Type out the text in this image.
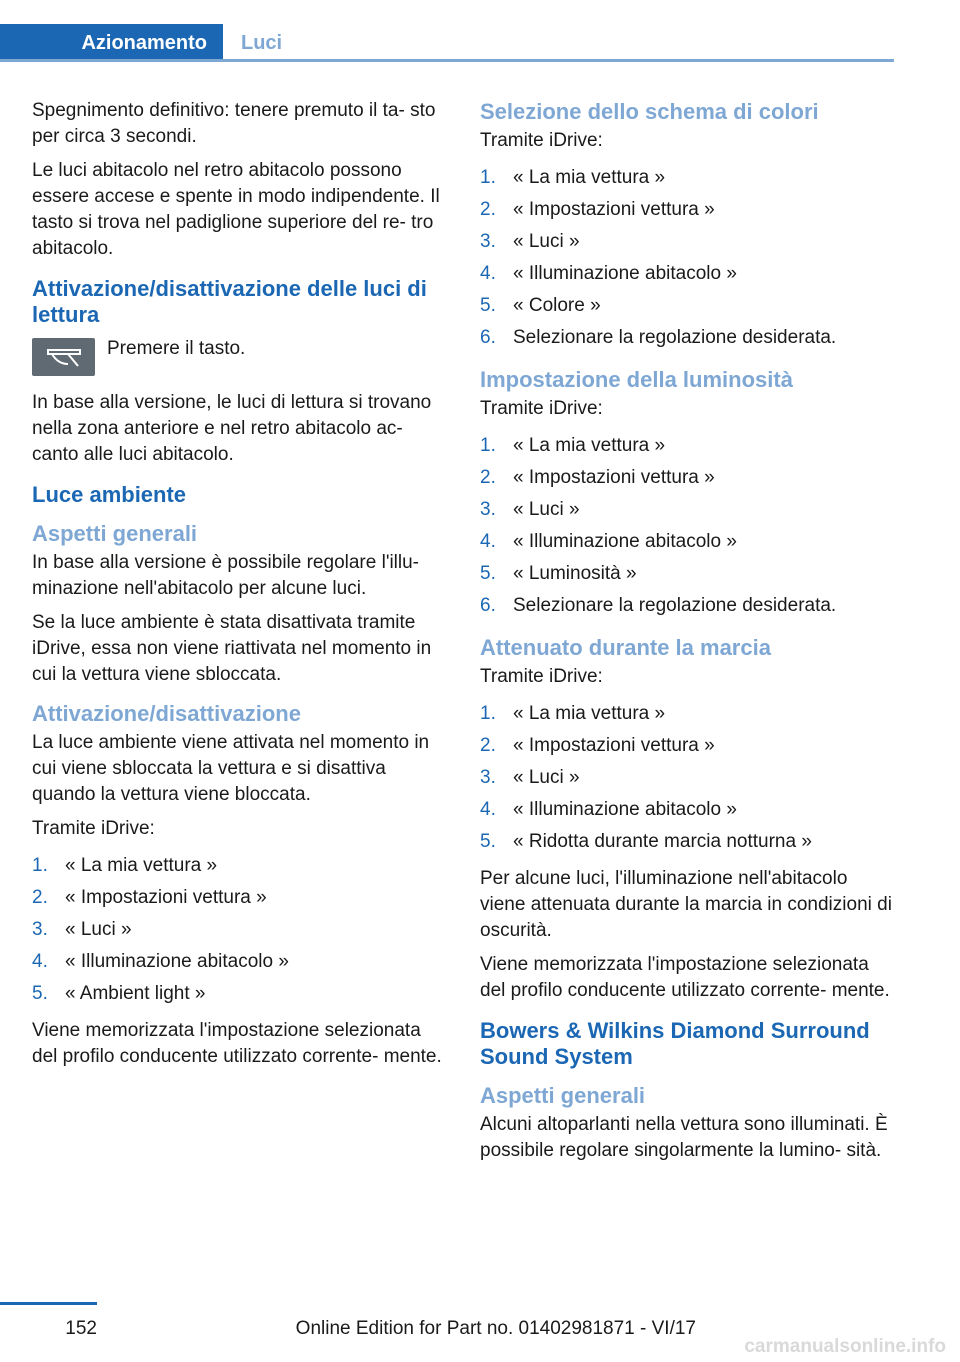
Azionamento Luci

Spegnimento definitivo: tenere premuto il ta‐ sto per circa 3 secondi.

Le luci abitacolo nel retro abitacolo possono essere accese e spente in modo indipendente. Il tasto si trova nel padiglione superiore del re‐ tro abitacolo.

Attivazione/disattivazione delle luci di lettura

Premere il tasto.

In base alla versione, le luci di lettura si trovano nella zona anteriore e nel retro abitacolo ac‐ canto alle luci abitacolo.

Luce ambiente
Aspetti generali

In base alla versione è possibile regolare l'illu‐ minazione nell'abitacolo per alcune luci.

Se la luce ambiente è stata disattivata tramite iDrive, essa non viene riattivata nel momento in cui la vettura viene sbloccata.

Attivazione/disattivazione

La luce ambiente viene attivata nel momento in cui viene sbloccata la vettura e si disattiva quando la vettura viene bloccata.

Tramite iDrive:

1. « La mia vettura »
2. « Impostazioni vettura »
3. « Luci »
4. « Illuminazione abitacolo »
5. « Ambient light »

Viene memorizzata l'impostazione selezionata del profilo conducente utilizzato corrente‐ mente.

Selezione dello schema di colori

Tramite iDrive:

1. « La mia vettura »
2. « Impostazioni vettura »
3. « Luci »
4. « Illuminazione abitacolo »
5. « Colore »
6. Selezionare la regolazione desiderata.
Impostazione della luminosità

Tramite iDrive:

1. « La mia vettura »
2. « Impostazioni vettura »
3. « Luci »
4. « Illuminazione abitacolo »
5. « Luminosità »
6. Selezionare la regolazione desiderata.
Attenuato durante la marcia

Tramite iDrive:

1. « La mia vettura »
2. « Impostazioni vettura »
3. « Luci »
4. « Illuminazione abitacolo »
5. « Ridotta durante marcia notturna »

Per alcune luci, l'illuminazione nell'abitacolo viene attenuata durante la marcia in condizioni di oscurità.

Viene memorizzata l'impostazione selezionata del profilo conducente utilizzato corrente‐ mente.

Bowers & Wilkins Diamond Surround Sound System
Aspetti generali

Alcuni altoparlanti nella vettura sono illuminati. È possibile regolare singolarmente la lumino‐ sità.

152	Online Edition for Part no. 01402981871 - VI/17
carmanualsonline.info
